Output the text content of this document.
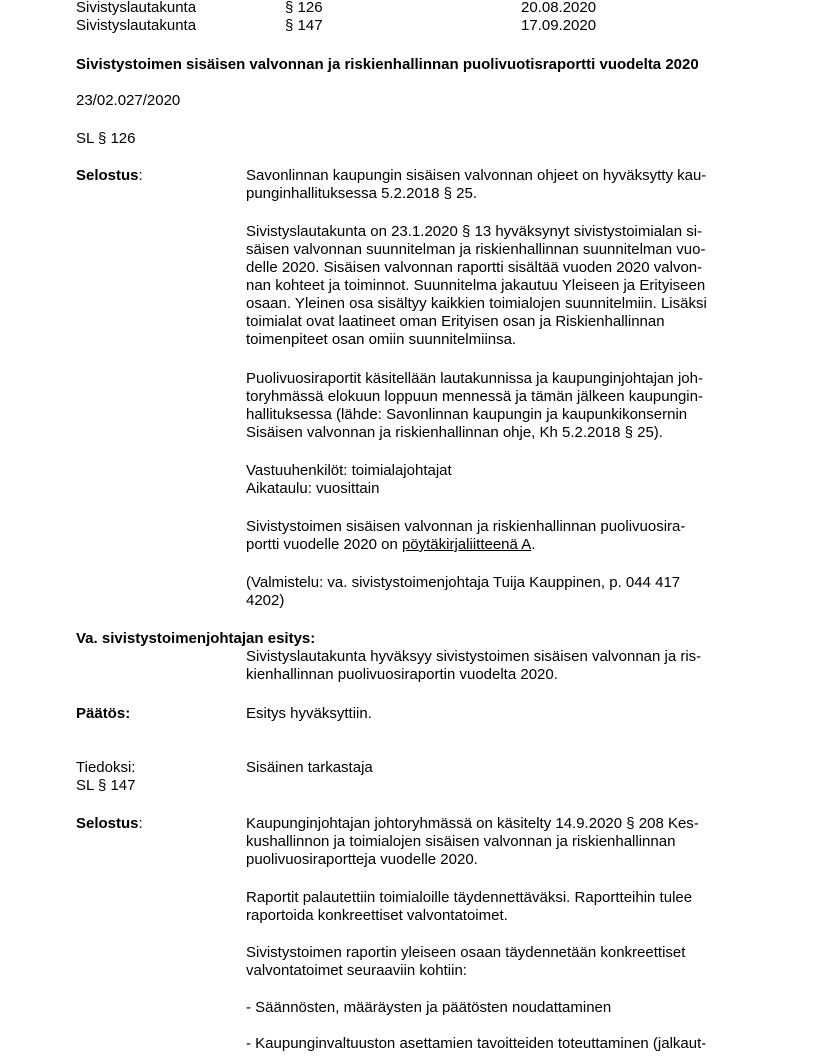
Sivistyslautakunta	§ 126	20.08.2020
Sivistyslautakunta	§ 147	17.09.2020
Sivistystoimen sisäisen valvonnan ja riskienhallinnan puolivuotisraportti vuodelta 2020
23/02.027/2020
SL § 126
Selostus:	Savonlinnan kaupungin sisäisen valvonnan ohjeet on hyväksytty kau-
punginhallituksessa 5.2.2018 § 25.
Sivistyslautakunta on 23.1.2020 § 13 hyväksynyt sivistystoimialan si-
säisen valvonnan suunnitelman ja riskienhallinnan suunnitelman vuo-
delle 2020. Sisäisen valvonnan raportti sisältää vuoden 2020 valvon-
nan kohteet ja toiminnot. Suunnitelma jakautuu Yleiseen ja Erityiseen
osaan. Yleinen osa sisältyy kaikkien toimialojen suunnitelmiin. Lisäksi
toimialat ovat laatineet oman Erityisen osan ja Riskienhallinnan
toimenpiteet osan omiin suunnitelmiinsa.
Puolivuosiraportit käsitellään lautakunnissa ja kaupunginjohtajan joh-
toryhmässä elokuun loppuun mennessä ja tämän jälkeen kaupungin-
hallituksessa (lähde: Savonlinnan kaupungin ja kaupunkikonsernin
Sisäisen valvonnan ja riskienhallinnan ohje, Kh 5.2.2018 § 25).
Vastuuhenkilöt: toimialajohtajat
Aikataulu: vuosittain
Sivistystoimen sisäisen valvonnan ja riskienhallinnan puolivuosira-
portti vuodelle 2020 on pöytäkirjaliitteenä A.
(Valmistelu: va. sivistystoimenjohtaja Tuija Kauppinen, p. 044 417
4202)
Va. sivistystoimenjohtajan esitys:
Sivistyslautakunta hyväksyy sivistystoimen sisäisen valvonnan ja ris-
kienhallinnan puolivuosiraportin vuodelta 2020.
Päätös:	Esitys hyväksyttiin.
Tiedoksi:	Sisäinen tarkastaja
SL § 147
Selostus:	Kaupunginjohtajan johtoryhmässä on käsitelty 14.9.2020 § 208 Kes-
kushallinnon ja toimialojen sisäisen valvonnan ja riskienhallinnan
puolivuosiraportteja vuodelle 2020.
Raportit palautettiin toimialoille täydennettäväksi. Raportteihin tulee
raportoida konkreettiset valvontatoimet.
Sivistystoimen raportin yleiseen osaan täydennetään konkreettiset
valvontatoimet seuraaviin kohtiin:
- Säännösten, määräysten ja päätösten noudattaminen
- Kaupunginvaltuuston asettamien tavoitteiden toteuttaminen (jalkaut-
